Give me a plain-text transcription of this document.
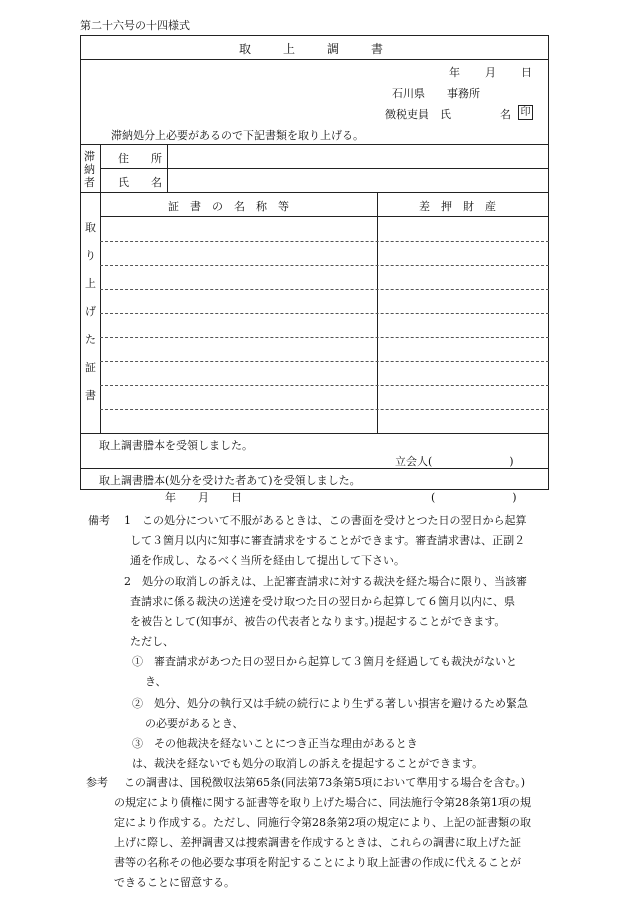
第二十六号の十四様式
取	上	調	書
年 月 日
石川県　　事務所
徴税吏員　氏	名 印
滞納処分上必要があるので下記書類を取り上げる。
滞
納
者
住　　所
氏　　名
取
り
上
げ
た
証
書
証　書　の　名　称　等	差　押　財　産
取上調書謄本を受領しました。
立会人(　　　　　　　)
取上調書謄本(処分を受けた者あて)を受領しました。
年　　月　　日	(　　　　　　　)
備考 1　この処分について不服があるときは、この書面を受けとつた日の翌日から起算
して３箇月以内に知事に審査請求をすることができます。審査請求書は、正副２
通を作成し、なるべく当所を経由して提出して下さい。
2　処分の取消しの訴えは、上記審査請求に対する裁決を経た場合に限り、当該審
査請求に係る裁決の送達を受け取つた日の翌日から起算して６箇月以内に、県
を被告として(知事が、被告の代表者となります。)提起することができます。
ただし、
①　審査請求があつた日の翌日から起算して３箇月を経過しても裁決がないと
き、
②　処分、処分の執行又は手続の続行により生ずる著しい損害を避けるため緊急
の必要があるとき、
③　その他裁決を経ないことにつき正当な理由があるとき
は、裁決を経ないでも処分の取消しの訴えを提起することができます。
参考 この調書は、国税徴収法第65条(同法第73条第5項において準用する場合を含む。)
の規定により債権に関する証書等を取り上げた場合に、同法施行令第28条第1項の規
定により作成する。ただし、同施行令第28条第2項の規定により、上記の証書類の取
上げに際し、差押調書又は捜索調書を作成するときは、これらの調書に取上げた証
書等の名称その他必要な事項を附記することにより取上証書の作成に代えることが
できることに留意する。
